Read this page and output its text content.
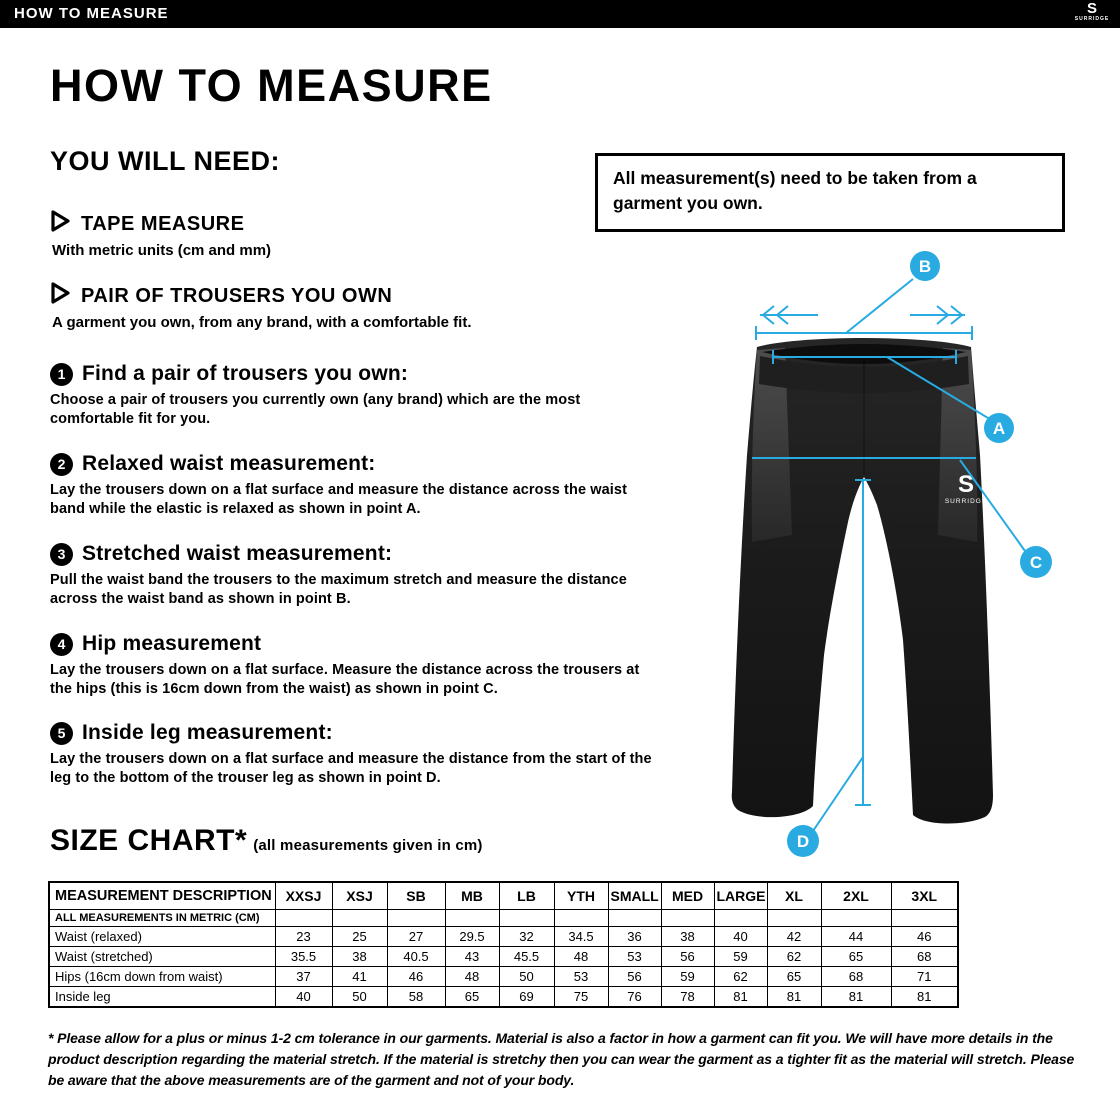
HOW TO MEASURE	S
SURRIDGE
HOW TO MEASURE
YOU WILL NEED:
TAPE MEASURE
With metric units (cm and mm)
PAIR OF TROUSERS YOU OWN
A garment you own, from any brand, with a comfortable fit.
1 Find a pair of trousers you own:
Choose a pair of trousers you currently own (any brand) which are the most comfortable fit for you.
2 Relaxed waist measurement:
Lay the trousers down on a flat surface and measure the distance across the waist band while the elastic is relaxed as shown in point A.
3 Stretched waist measurement:
Pull the waist band the trousers to the maximum stretch and measure the distance across the waist band as shown in point B.
4 Hip measurement
Lay the trousers down on a flat surface. Measure the distance across the trousers at the hips (this is 16cm down from the waist) as shown in point C.
5 Inside leg measurement:
Lay the trousers down on a flat surface and measure the distance from the start of the leg to the bottom of the trouser leg as shown in point D.
All measurement(s) need to be taken from a garment you own.
S
SURRIDGE
B
A
C
D
SIZE CHART* (all measurements given in cm)
MEASUREMENT DESCRIPTION	XXSJ	XSJ	SB	MB	LB	YTH	SMALL	MED	LARGE	XL	2XL	3XL
ALL MEASUREMENTS IN METRIC (CM)												
Waist (relaxed)	23	25	27	29.5	32	34.5	36	38	40	42	44	46
Waist (stretched)	35.5	38	40.5	43	45.5	48	53	56	59	62	65	68
Hips (16cm down from waist)	37	41	46	48	50	53	56	59	62	65	68	71
Inside leg	40	50	58	65	69	75	76	78	81	81	81	81
* Please allow for a plus or minus 1-2 cm tolerance in our garments. Material is also a factor in how a garment can fit you. We will have more details in the product description regarding the material stretch. If the material is stretchy then you can wear the garment as a tighter fit as the material will stretch. Please be aware that the above measurements are of the garment and not of your body.
